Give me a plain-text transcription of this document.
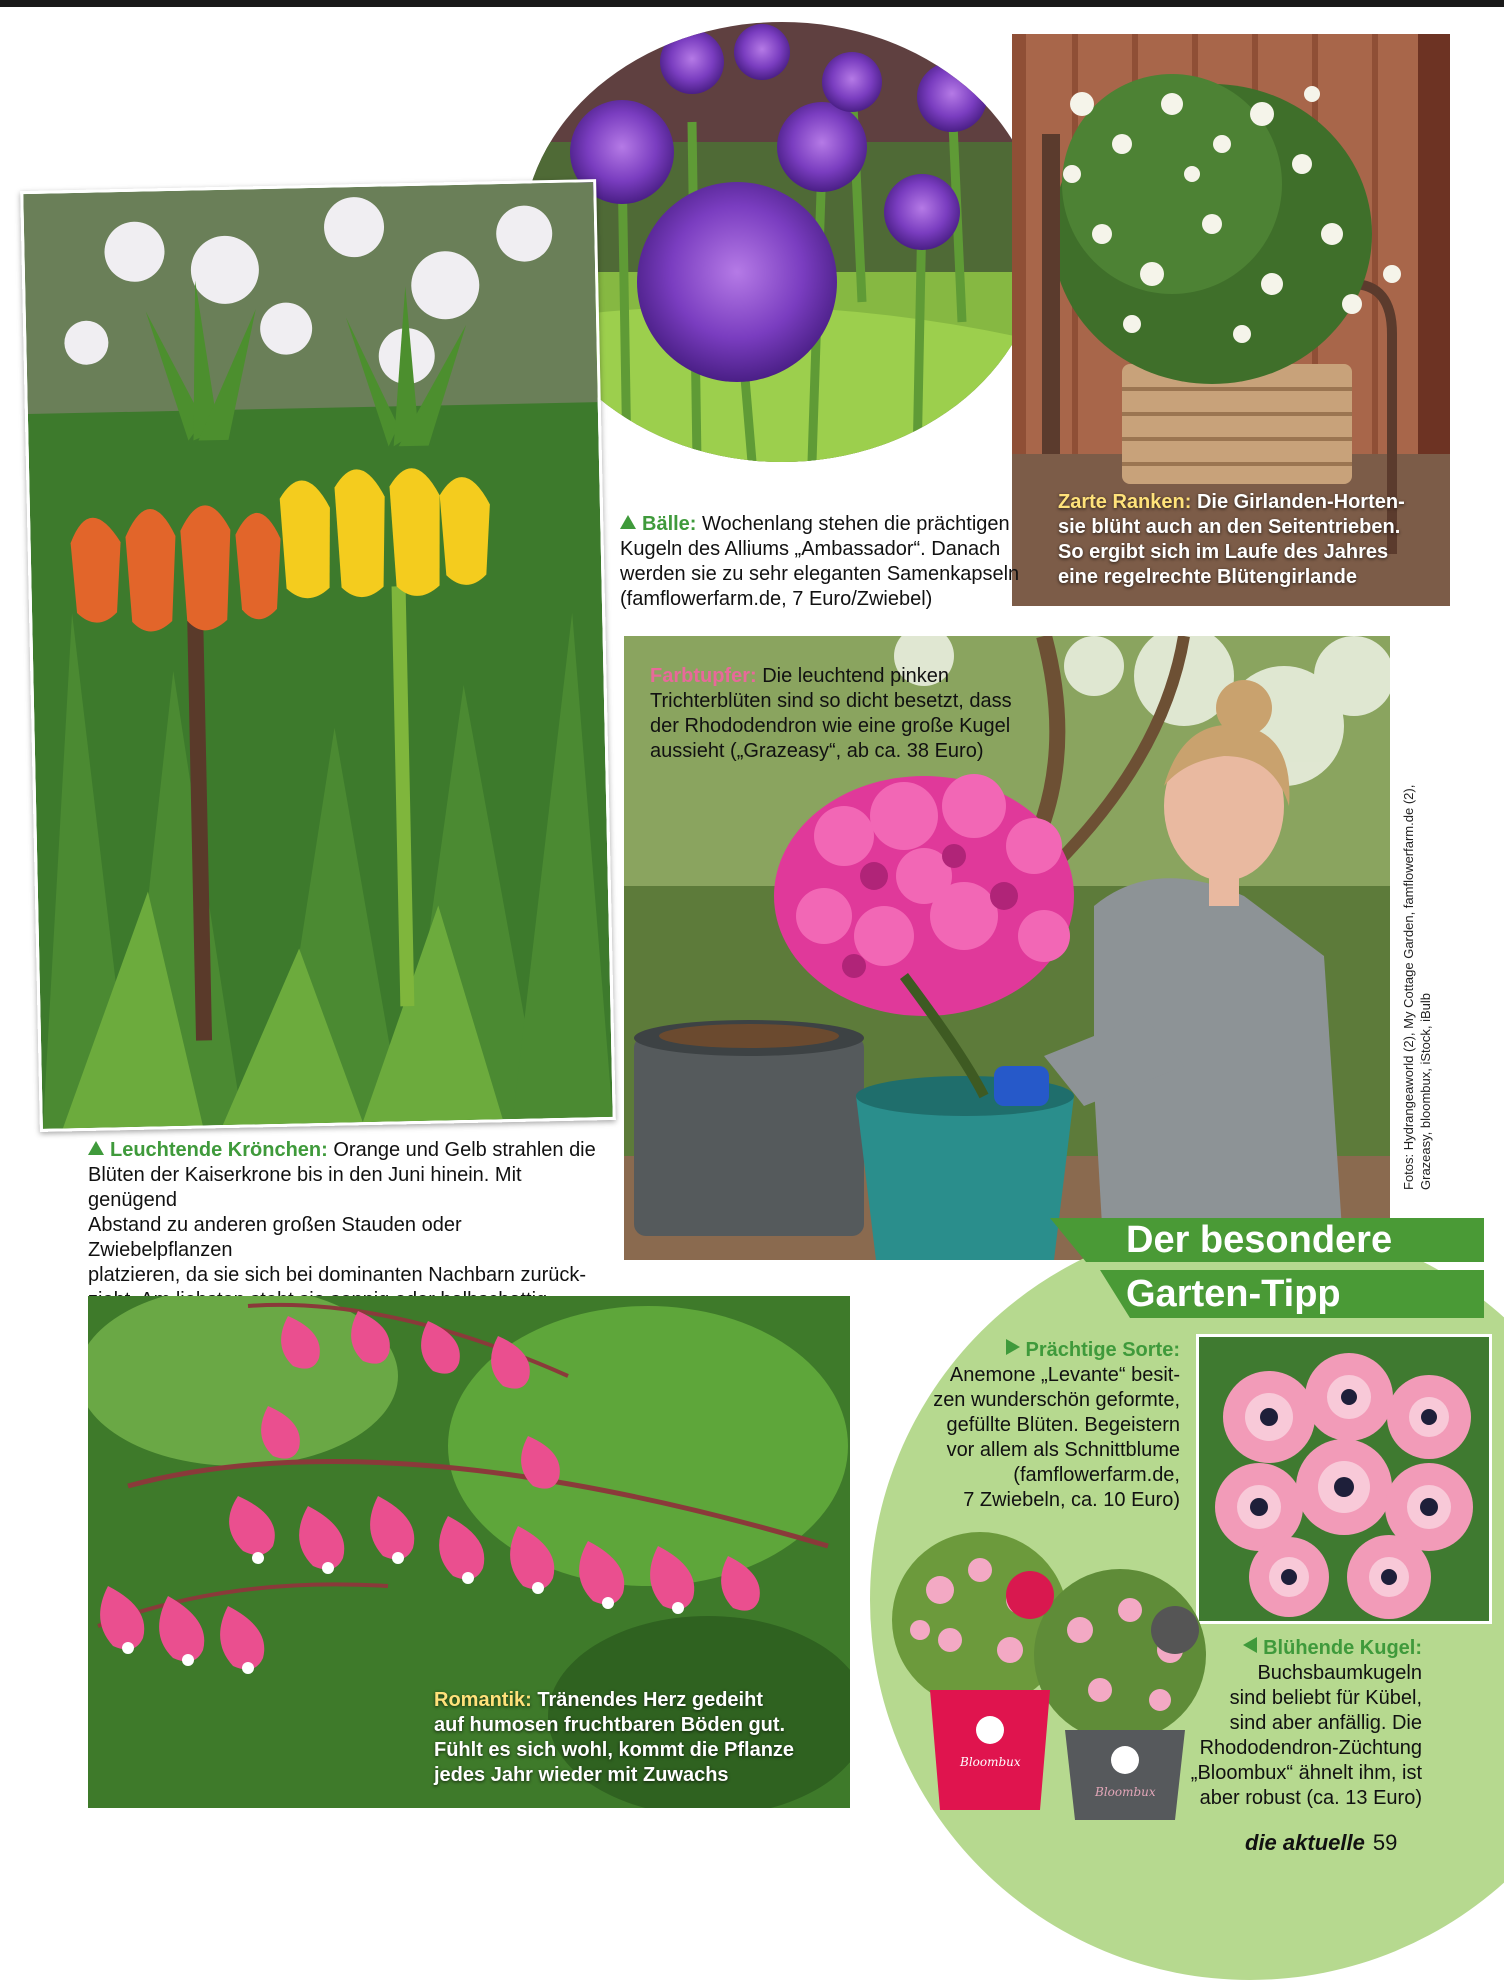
Zarte Ranken: Die Girlanden-Horten-
sie blüht auch an den Seitentrieben.
So ergibt sich im Laufe des Jahres
eine regelrechte Blütengirlande
Bälle: Wochenlang stehen die prächtigen
Kugeln des Alliums „Ambassador“. Danach
werden sie zu sehr eleganten Samenkapseln
(famflowerfarm.de, 7 Euro/Zwiebel)
Farbtupfer: Die leuchtend pinken
Trichterblüten sind so dicht besetzt, dass
der Rhododendron wie eine große Kugel
aussieht („Grazeasy“, ab ca. 38 Euro)
Leuchtende Krönchen: Orange und Gelb strahlen die
Blüten der Kaiserkrone bis in den Juni hinein. Mit genügend
Abstand zu anderen großen Stauden oder Zwiebelpflanzen
platzieren, da sie sich bei dominanten Nachbarn zurück-
Fotos: Hydrangeaworld (2), My Cottage Garden, famflowerfarm.de (2), Grazeasy, bloombux, iStock, iBulb
Der besondere
Garten-Tipp
Romantik: Tränendes Herz gedeiht
auf humosen fruchtbaren Böden gut.
Fühlt es sich wohl, kommt die Pflanze
jedes Jahr wieder mit Zuwachs
Prächtige Sorte:
Anemone „Levante“ besit-
zen wunderschön geformte,
gefüllte Blüten. Begeistern
vor allem als Schnittblume
(famflowerfarm.de,
7 Zwiebeln, ca. 10 Euro)
Bloombux
Bloombux
Blühende Kugel:
Buchsbaumkugeln
sind beliebt für Kübel,
sind aber anfällig. Die
Rhododendron-Züchtung
„Bloombux“ ähnelt ihm, ist
aber robust (ca. 13 Euro)
die aktuelle 59
